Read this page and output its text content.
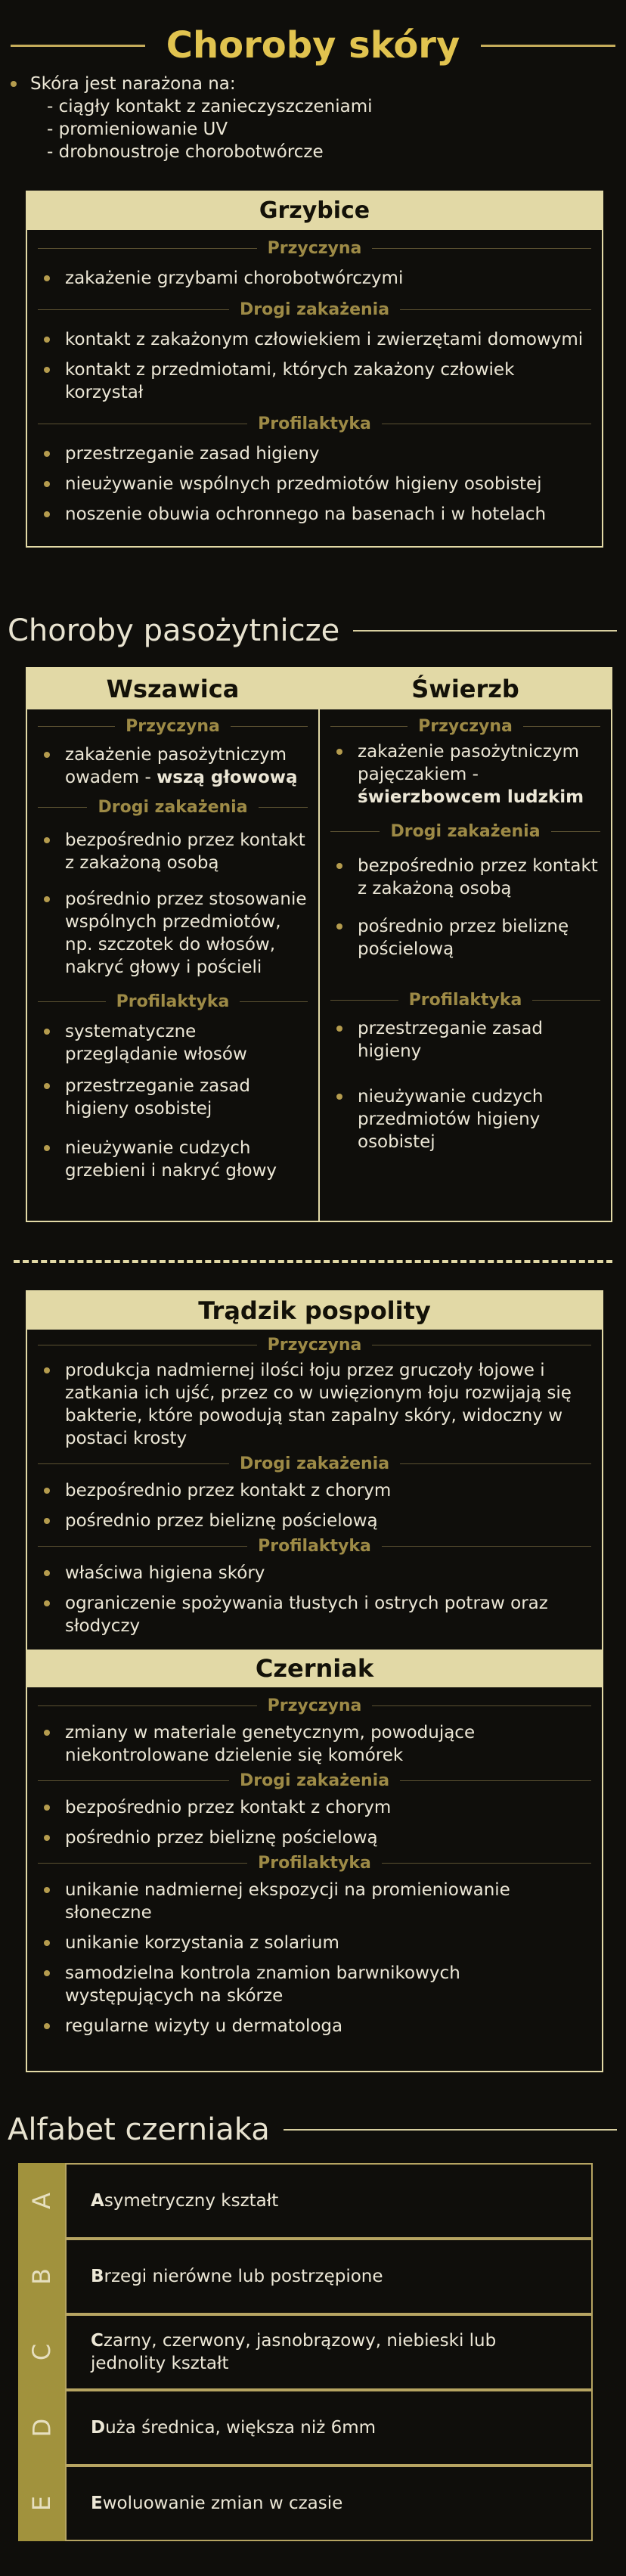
Choroby skóry
Skóra jest narażona na:
- ciągły kontakt z zanieczyszczeniami
- promieniowanie UV
- drobnoustroje chorobotwórcze
Grzybice
Przyczyna
zakażenie grzybami chorobotwórczymi
Drogi zakażenia
kontakt z zakażonym człowiekiem i zwierzętami domowymi
kontakt z przedmiotami, których zakażony człowiek korzystał
Profilaktyka
przestrzeganie zasad higieny
nieużywanie wspólnych przedmiotów higieny osobistej
noszenie obuwia ochronnego na basenach i w hotelach
Choroby pasożytnicze
Wszawica
Przyczyna
zakażenie pasożytniczym owadem - wszą głowową
Drogi zakażenia
bezpośrednio przez kontakt z zakażoną osobą
pośrednio przez stosowanie wspólnych przedmiotów, np. szczotek do włosów, nakryć głowy i pościeli
Profilaktyka
systematyczne przeglądanie włosów
przestrzeganie zasad higieny osobistej
nieużywanie cudzych grzebieni i nakryć głowy
Świerzb
Przyczyna
zakażenie pasożytniczym pajęczakiem - świerzbowcem ludzkim
Drogi zakażenia
bezpośrednio przez kontakt z zakażoną osobą
pośrednio przez bieliznę pościelową
Profilaktyka
przestrzeganie zasad higieny
nieużywanie cudzych przedmiotów higieny osobistej
Trądzik pospolity
Przyczyna
produkcja nadmiernej ilości łoju przez gruczoły łojowe i zatkania ich ujść, przez co w uwięzionym łoju rozwijają się bakterie, które powodują stan zapalny skóry, widoczny w postaci krosty
Drogi zakażenia
bezpośrednio przez kontakt z chorym
pośrednio przez bieliznę pościelową
Profilaktyka
właściwa higiena skóry
ograniczenie spożywania tłustych i ostrych potraw oraz słodyczy
Czerniak
Przyczyna
zmiany w materiale genetycznym, powodujące niekontrolowane dzielenie się komórek
Drogi zakażenia
bezpośrednio przez kontakt z chorym
pośrednio przez bieliznę pościelową
Profilaktyka
unikanie nadmiernej ekspozycji na promieniowanie słoneczne
unikanie korzystania z solarium
samodzielna kontrola znamion barwnikowych występujących na skórze
regularne wizyty u dermatologa
Alfabet czerniaka
A Asymetryczny kształt
B Brzegi nierówne lub postrzępione
C
Czarny, czerwony, jasnobrązowy, niebieski lub jednolity kształt
D Duża średnica, większa niż 6mm
E Ewoluowanie zmian w czasie
